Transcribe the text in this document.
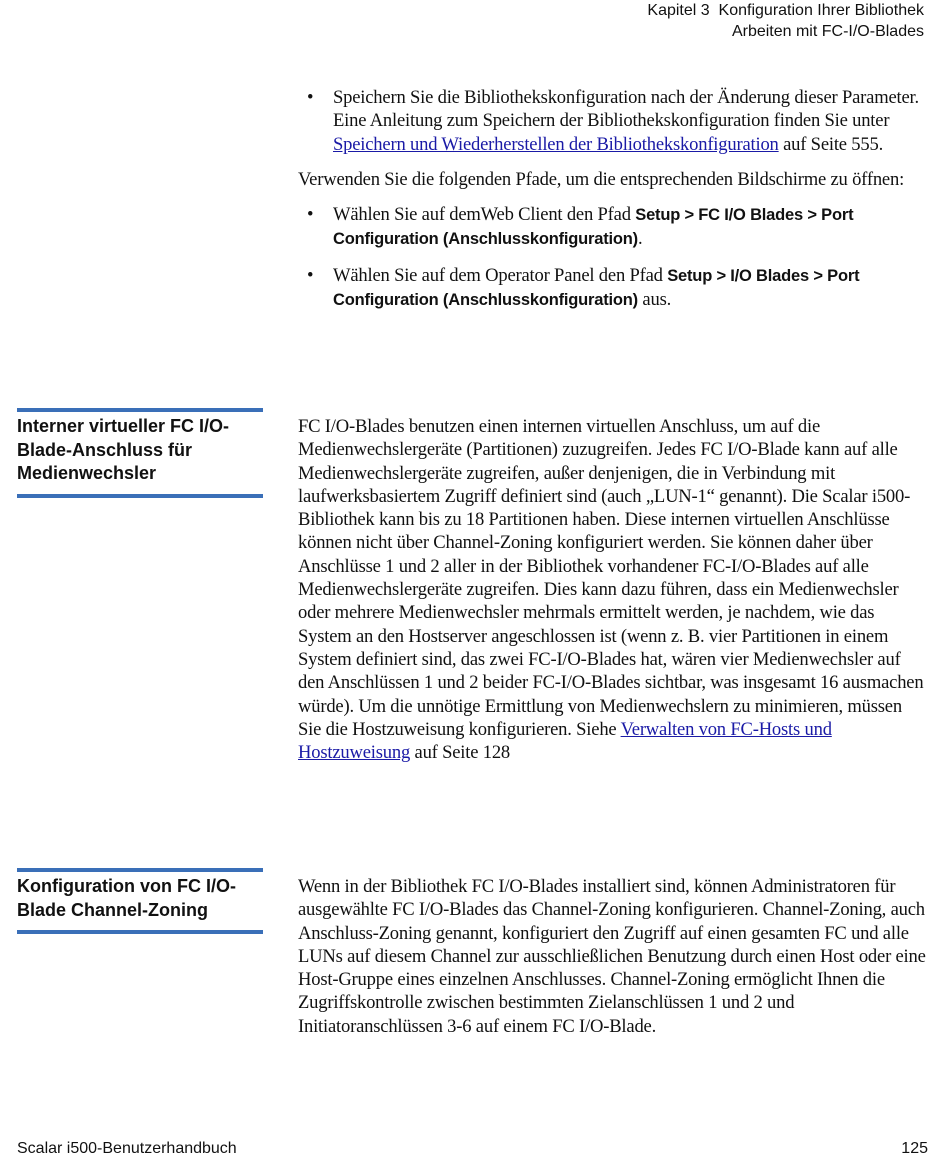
Kapitel 3  Konfiguration Ihrer Bibliothek
Arbeiten mit FC-I/O-Blades
• Speichern Sie die Bibliothekskonfiguration nach der Änderung dieser Parameter. Eine Anleitung zum Speichern der Bibliothekskonfiguration finden Sie unter Speichern und Wiederherstellen der Bibliothekskonfiguration auf Seite 555.

Verwenden Sie die folgenden Pfade, um die entsprechenden Bildschirme zu öffnen:

• Wählen Sie auf demWeb Client den Pfad Setup > FC I/O Blades > Port Configuration (Anschlusskonfiguration).
• Wählen Sie auf dem Operator Panel den Pfad Setup > I/O Blades > Port Configuration (Anschlusskonfiguration) aus.
Interner virtueller FC I/O-Blade-Anschluss für Medienwechsler

FC I/O-Blades benutzen einen internen virtuellen Anschluss, um auf die Medienwechslergeräte (Partitionen) zuzugreifen. Jedes FC I/O-Blade kann auf alle Medienwechslergeräte zugreifen, außer denjenigen, die in Verbindung mit laufwerksbasiertem Zugriff definiert sind (auch „LUN-1“ genannt). Die Scalar i500-Bibliothek kann bis zu 18 Partitionen haben. Diese internen virtuellen Anschlüsse können nicht über Channel-Zoning konfiguriert werden. Sie können daher über Anschlüsse 1 und 2 aller in der Bibliothek vorhandener FC-I/O-Blades auf alle Medienwechslergeräte zugreifen. Dies kann dazu führen, dass ein Medienwechsler oder mehrere Medienwechsler mehrmals ermittelt werden, je nachdem, wie das System an den Hostserver angeschlossen ist (wenn z. B. vier Partitionen in einem System definiert sind, das zwei FC-I/O-Blades hat, wären vier Medienwechsler auf den Anschlüssen 1 und 2 beider FC-I/O-Blades sichtbar, was insgesamt 16 ausmachen würde). Um die unnötige Ermittlung von Medienwechslern zu minimieren, müssen Sie die Hostzuweisung konfigurieren. Siehe Verwalten von FC-Hosts und Hostzuweisung auf Seite 128

Konfiguration von FC I/O-Blade Channel-Zoning

Wenn in der Bibliothek FC I/O-Blades installiert sind, können Administratoren für ausgewählte FC I/O-Blades das Channel-Zoning konfigurieren. Channel-Zoning, auch Anschluss-Zoning genannt, konfiguriert den Zugriff auf einen gesamten FC und alle LUNs auf diesem Channel zur ausschließlichen Benutzung durch einen Host oder eine Host-Gruppe eines einzelnen Anschlusses. Channel-Zoning ermöglicht Ihnen die Zugriffskontrolle zwischen bestimmten Zielanschlüssen 1 und 2 und Initiatoranschlüssen 3-6 auf einem FC I/O-Blade.

Scalar i500-Benutzerhandbuch	125
